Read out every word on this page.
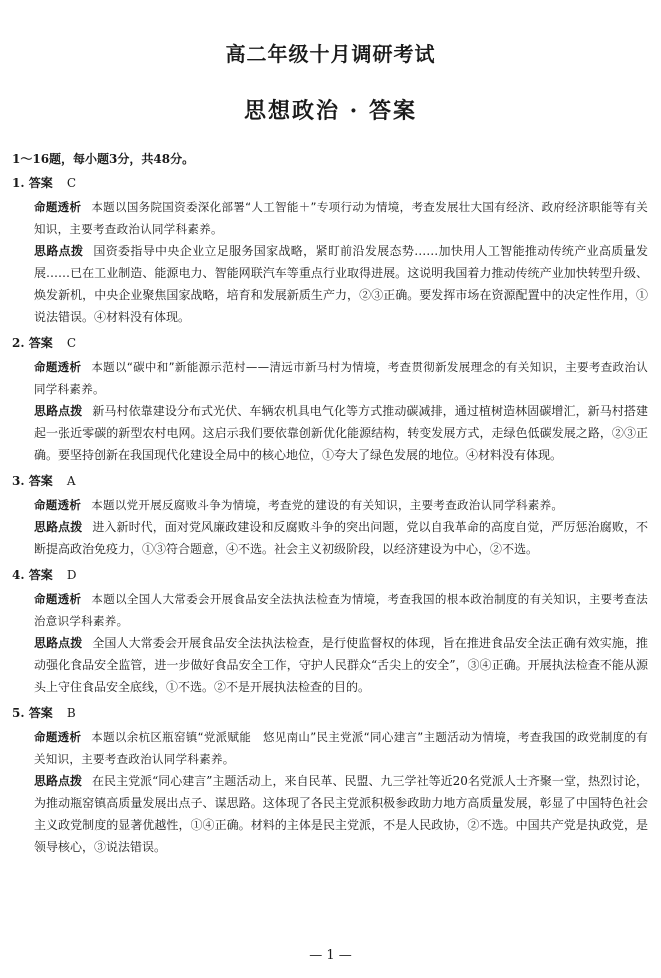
高二年级十月调研考试
思想政治 · 答案
1～16题，每小题3分，共48分。
1. 答案 C
命题透析 本题以国务院国资委深化部署“人工智能＋”专项行动为情境，考查发展壮大国有经济、政府经济职能等有关知识，主要考查政治认同学科素养。
思路点拨 国资委指导中央企业立足服务国家战略，紧盯前沿发展态势……加快用人工智能推动传统产业高质量发展……已在工业制造、能源电力、智能网联汽车等重点行业取得进展。这说明我国着力推动传统产业加快转型升级、焕发新机，中央企业聚焦国家战略，培育和发展新质生产力，②③正确。要发挥市场在资源配置中的决定性作用，①说法错误。④材料没有体现。
2. 答案 C
命题透析 本题以“碳中和”新能源示范村——清远市新马村为情境，考查贯彻新发展理念的有关知识，主要考查政治认同学科素养。
思路点拨 新马村依靠建设分布式光伏、车辆农机具电气化等方式推动碳减排，通过植树造林固碳增汇，新马村搭建起一张近零碳的新型农村电网。这启示我们要依靠创新优化能源结构，转变发展方式，走绿色低碳发展之路，②③正确。要坚持创新在我国现代化建设全局中的核心地位，①夸大了绿色发展的地位。④材料没有体现。
3. 答案 A
命题透析 本题以党开展反腐败斗争为情境，考查党的建设的有关知识，主要考查政治认同学科素养。
思路点拨 进入新时代，面对党风廉政建设和反腐败斗争的突出问题，党以自我革命的高度自觉，严厉惩治腐败，不断提高政治免疫力，①③符合题意，④不选。社会主义初级阶段，以经济建设为中心，②不选。
4. 答案 D
命题透析 本题以全国人大常委会开展食品安全法执法检查为情境，考查我国的根本政治制度的有关知识，主要考查法治意识学科素养。
思路点拨 全国人大常委会开展食品安全法执法检查，是行使监督权的体现，旨在推进食品安全法正确有效实施，推动强化食品安全监管，进一步做好食品安全工作，守护人民群众“舌尖上的安全”，③④正确。开展执法检查不能从源头上守住食品安全底线，①不选。②不是开展执法检查的目的。
5. 答案 B
命题透析 本题以余杭区瓶窑镇“党派赋能　悠见南山”民主党派“同心建言”主题活动为情境，考查我国的政党制度的有关知识，主要考查政治认同学科素养。
思路点拨 在民主党派“同心建言”主题活动上，来自民革、民盟、九三学社等近20名党派人士齐聚一堂，热烈讨论，为推动瓶窑镇高质量发展出点子、谋思路。这体现了各民主党派积极参政助力地方高质量发展，彰显了中国特色社会主义政党制度的显著优越性，①④正确。材料的主体是民主党派，不是人民政协，②不选。中国共产党是执政党，是领导核心，③说法错误。
— 1 —
